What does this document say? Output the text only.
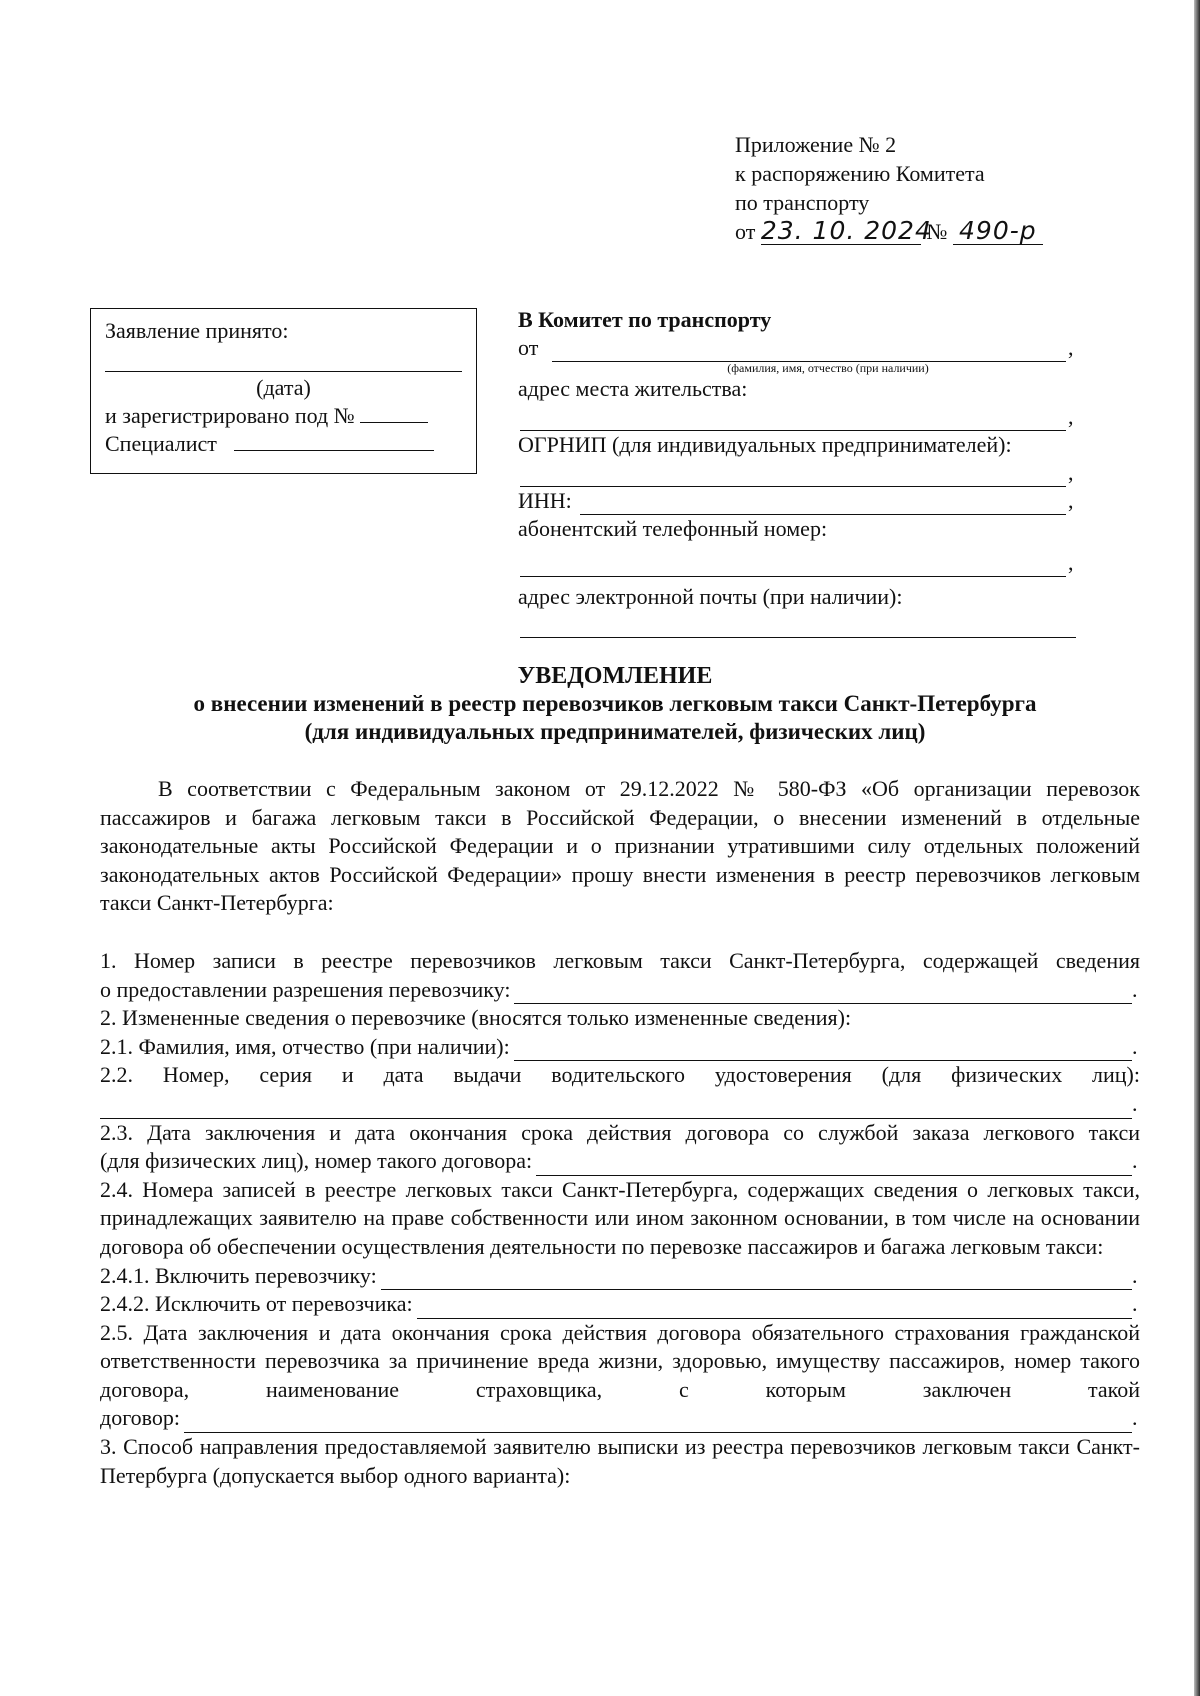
Приложение № 2
к распоряжению Комитета
по транспорту
от 23. 10. 2024 № 490-р
Заявление принято:
(дата)
и зарегистрировано под №
Специалист
В Комитет по транспорту
от	,
(фамилия, имя, отчество (при наличии)
адрес места жительства:
,
ОГРНИП (для индивидуальных предпринимателей):
,
ИНН:	,
абонентский телефонный номер:
,
адрес электронной почты (при наличии):
УВЕДОМЛЕНИЕ
о внесении изменений в реестр перевозчиков легковым такси Санкт-Петербурга
(для индивидуальных предпринимателей, физических лиц)

В соответствии с Федеральным законом от 29.12.2022 № 580-ФЗ «Об организации перевозок пассажиров и багажа легковым такси в Российской Федерации, о внесении изменений в отдельные законодательные акты Российской Федерации и о признании утратившими силу отдельных положений законодательных актов Российской Федерации» прошу внести изменения в реестр перевозчиков легковым такси Санкт-Петербурга:

1. Номер записи в реестре перевозчиков легковым такси Санкт-Петербурга, содержащей сведения

о предоставлении разрешения перевозчику:	.

2. Измененные сведения о перевозчике (вносятся только измененные сведения):

2.1. Фамилия, имя, отчество (при наличии):	.

2.2. Номер, серия и дата выдачи водительского удостоверения (для физических лиц):

.

2.3. Дата заключения и дата окончания срока действия договора со службой заказа легкового такси

(для физических лиц), номер такого договора:	.

2.4. Номера записей в реестре легковых такси Санкт-Петербурга, содержащих сведения о легковых такси, принадлежащих заявителю на праве собственности или ином законном основании, в том числе на основании договора об обеспечении осуществления деятельности по перевозке пассажиров и багажа легковым такси:

2.4.1. Включить перевозчику:	.
2.4.2. Исключить от перевозчика:	.

2.5. Дата заключения и дата окончания срока действия договора обязательного страхования гражданской ответственности перевозчика за причинение вреда жизни, здоровью, имуществу пассажиров, номер такого договора, наименование страховщика, с которым заключен такой

договор:	.

3. Способ направления предоставляемой заявителю выписки из реестра перевозчиков легковым такси Санкт-Петербурга (допускается выбор одного варианта):
